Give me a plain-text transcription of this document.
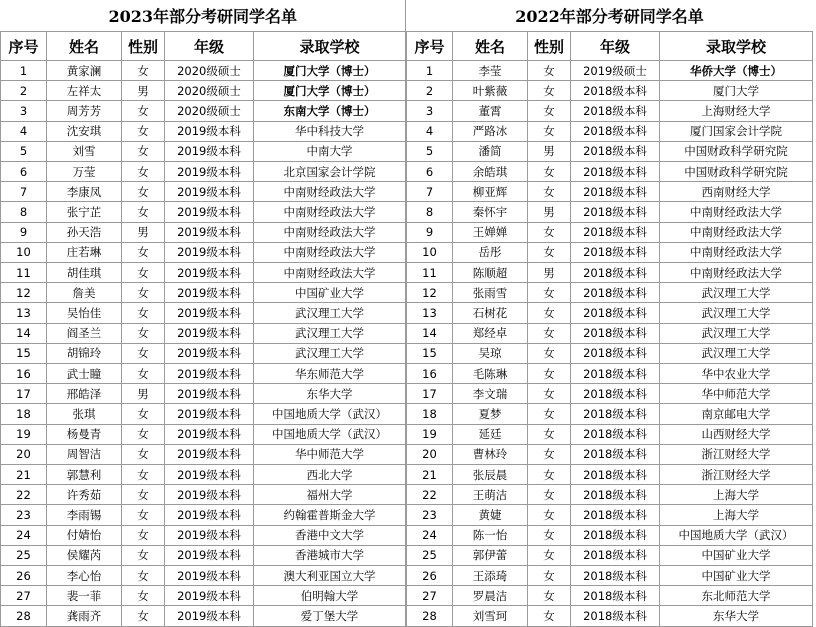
2023年部分考研同学名单				
序号	姓名	性别	年级	录取学校
1	黄家澜	女	2020级硕士	厦门大学（博士）
2	左祥太	男	2020级硕士	厦门大学（博士）
3	周芳芳	女	2020级硕士	东南大学（博士）
4	沈安琪	女	2019级本科	华中科技大学
5	刘雪	女	2019级本科	中南大学
6	万莹	女	2019级本科	北京国家会计学院
7	李康凤	女	2019级本科	中南财经政法大学
8	张宁芷	女	2019级本科	中南财经政法大学
9	孙天浩	男	2019级本科	中南财经政法大学
10	庄若琳	女	2019级本科	中南财经政法大学
11	胡佳琪	女	2019级本科	中南财经政法大学
12	詹美	女	2019级本科	中国矿业大学
13	吴怡佳	女	2019级本科	武汉理工大学
14	阎圣兰	女	2019级本科	武汉理工大学
15	胡锦玲	女	2019级本科	武汉理工大学
16	武士瞳	女	2019级本科	华东师范大学
17	邢皓泽	男	2019级本科	东华大学
18	张琪	女	2019级本科	中国地质大学（武汉）
19	杨曼青	女	2019级本科	中国地质大学（武汉）
20	周智洁	女	2019级本科	华中师范大学
21	郭慧利	女	2019级本科	西北大学
22	许秀茹	女	2019级本科	福州大学
23	李雨锡	女	2019级本科	约翰霍普斯金大学
24	付婧怡	女	2019级本科	香港中文大学
25	侯耀芮	女	2019级本科	香港城市大学
26	李心怡	女	2019级本科	澳大利亚国立大学
27	裴一菲	女	2019级本科	伯明翰大学
28	龚雨齐	女	2019级本科	爱丁堡大学
2022年部分考研同学名单				
序号	姓名	性别	年级	录取学校
1	李莹	女	2019级硕士	华侨大学（博士）
2	叶紫薇	女	2018级本科	厦门大学
3	董霄	女	2018级本科	上海财经大学
4	严路冰	女	2018级本科	厦门国家会计学院
5	潘简	男	2018级本科	中国财政科学研究院
6	余皓琪	女	2018级本科	中国财政科学研究院
7	柳亚辉	女	2018级本科	西南财经大学
8	秦怀宇	男	2018级本科	中南财经政法大学
9	王婵婵	女	2018级本科	中南财经政法大学
10	岳彤	女	2018级本科	中南财经政法大学
11	陈顺超	男	2018级本科	中南财经政法大学
12	张雨雪	女	2018级本科	武汉理工大学
13	石树花	女	2018级本科	武汉理工大学
14	郑经卓	女	2018级本科	武汉理工大学
15	吴琼	女	2018级本科	武汉理工大学
16	毛陈琳	女	2018级本科	华中农业大学
17	李文瑞	女	2018级本科	华中师范大学
18	夏梦	女	2018级本科	南京邮电大学
19	延廷	女	2018级本科	山西财经大学
20	曹林玲	女	2018级本科	浙江财经大学
21	张辰晨	女	2018级本科	浙江财经大学
22	王萌洁	女	2018级本科	上海大学
23	黄婕	女	2018级本科	上海大学
24	陈一怡	女	2018级本科	中国地质大学（武汉）
25	郭伊蕾	女	2018级本科	中国矿业大学
26	王添琦	女	2018级本科	中国矿业大学
27	罗晨洁	女	2018级本科	东北师范大学
28	刘雪珂	女	2018级本科	东华大学
